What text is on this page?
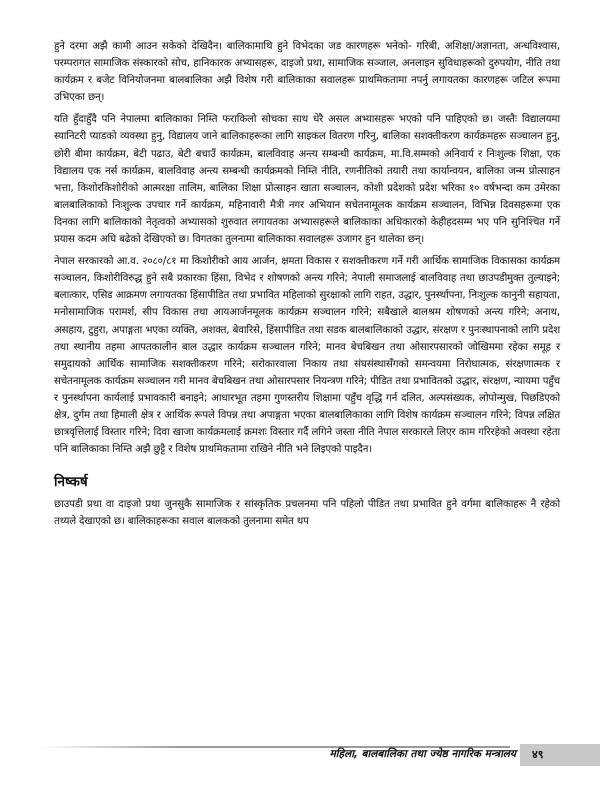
हुने दरमा अझै कामी आउन सकेको देखिदैन। बालिकामाथि हुने विभेदका जड कारणहरू भनेको- गरिबी, अशिक्षा/अज्ञानता, अन्धविश्वास, परम्परागत सामाजिक संस्कारको सोच, हानिकारक अभ्यासहरू, दाइजो प्रथा, सामाजिक सञ्जाल, अनलाइन सुविधाहरूको दुरुपयोग, नीति तथा कार्यक्रम र बजेट विनियोजनमा बालबालिका अझै विशेष गरी बालिकाका सवालहरू प्राथमिकतामा नपर्नु लगायतका कारणहरू जटिल रूपमा उभिएका छन्।

यति हुँदाहुँदै पनि नेपालमा बालिकाका निम्ति फराकिलो सोचका साथ धेरै असल अभ्यासहरू भएको पनि पाहिएको छ। जस्तैः विद्यालयमा स्यानिटरी प्याडको व्यवस्था हुनु, विद्यालय जाने बालिकाहरूका लागि साइकल वितरण गरिनु, बालिका सशक्तीकरण कार्यक्रमहरू सञ्चालन हुनु, छोरी बीमा कार्यक्रम, बेटी पढाउ, बेटी बचाउँ कार्यक्रम, बालविवाह अन्त्य सम्बन्धी कार्यक्रम, मा.वि.सम्मको अनिवार्य र निःशुल्क शिक्षा, एक विद्यालय एक नर्स कार्यक्रम, बालविवाह अन्त्य सम्बन्धी कार्यक्रमको निम्ति नीति, रणनीतिको तयारी तथा कार्यान्वयन, बालिका जन्म प्रोत्साहन भत्ता, किशोरकिशोरीको आत्मरक्षा तालिम, बालिका शिक्षा प्रोत्साहन खाता सञ्चालन, कोशी प्रदेशको प्रदेश भरिका १० वर्षभन्दा कम उमेरका बालबालिकाको निःशुल्क उपचार गर्ने कार्यक्रम, महिनावारी मैत्री नगर अभियान सचेतनामूलक कार्यक्रम सञ्चालन, विभिन्न दिवसहरूमा एक दिनका लागि बालिकाको नेतृत्वको अभ्यासको शुरुवात लगायतका अभ्यासहरूले बालिकाका अधिकारको केहीहदसम्म भए पनि सुनिश्चित गर्ने प्रयास कदम अघि बढेको देखिएको छ। विगतका तुलनामा बालिकाका सवालहरू उजागर हुन थालेका छन्।

नेपाल सरकारको आ.व. २०८०/८१ मा किशोरीको आय आर्जन, क्षमता विकास र सशक्तीकरण गर्ने गरी आर्थिक सामाजिक विकासका कार्यक्रम सञ्चालन, किशोरीविरुद्ध हुने सबै प्रकारका हिंसा, विभेद र शोषणको अन्त्य गरिने; नेपाली समाजलाई बालविवाह तथा छाउपडीमुक्त तुल्याइने; बलात्कार, एसिड आक्रमण लगायतका हिंसापीडित तथा प्रभावित महिलाको सुरक्षाको लागि राहत, उद्धार, पुनर्स्थापना, निःशुल्क कानुनी सहायता, मनोसामाजिक परामर्श, सीप विकास तथा आयआर्जनमूलक कार्यक्रम सञ्चालन गरिने; सबैखाले बालश्रम शोषणको अन्त्य गरिने; अनाथ, असहाय, टुहुरा, अपाङ्गता भएका व्यक्ति, अशक्त, बेवारिसे, हिंसापीडित तथा सडक बालबालिकाको उद्धार, संरक्षण र पुनःस्थापनाको लागि प्रदेश तथा स्थानीय तहमा आपतकालीन बाल उद्धार कार्यक्रम सञ्चालन गरिने; मानव बेचबिखन तथा ओसारपसारको जोखिममा रहेका समूह र समुदायको आर्थिक सामाजिक सशक्तीकरण गरिने; सरोकारवाला निकाय तथा संघसंस्थासँगको समन्वयमा निरोधात्मक, संरक्षणात्मक र सचेतनामूलक कार्यक्रम सञ्चालन गरी मानव बेचबिखन तथा ओसारपसार नियन्त्रण गरिने; पीडित तथा प्रभावितको उद्धार, संरक्षण, न्यायमा पहुँच र पुनर्स्थापना कार्यलाई प्रभावकारी बनाइने; आधारभूत तहमा गुणस्तरीय शिक्षामा पहुँच वृद्धि गर्न दलित, अल्पसंख्यक, लोपोन्मुख, पिछडिएको क्षेत्र, दुर्गम तथा हिमाली क्षेत्र र आर्थिक रूपले विपन्न तथा अपाङ्गता भएका बालबालिकाका लागि विशेष कार्यक्रम सञ्चालन गरिने; विपन्न लक्षित छात्रवृत्तिलाई विस्तार गरिने; दिवा खाजा कार्यक्रमलाई क्रमशः विस्तार गर्दै लगिने जस्ता नीति नेपाल सरकारले लिएर काम गरिरहेको अवस्था रहेता पनि बालिकाका निम्ति अझै छुट्टै र विशेष प्राथमिकतामा राखिने नीति भने लिइएको पाइदैन।

निष्कर्ष

छाउपडी प्रथा वा दाइजो प्रथा जुनसुकै सामाजिक र सांस्कृतिक प्रचलनमा पनि पहिलो पीडित तथा प्रभावित हुने वर्गमा बालिकाहरू नै रहेको तथ्यले देखाएको छ। बालिकाहरूका सवाल बालकको तुलनामा समेत थप

महिला, बालबालिका तथा ज्येष्ठ नागरिक मन्त्रालय ४९
